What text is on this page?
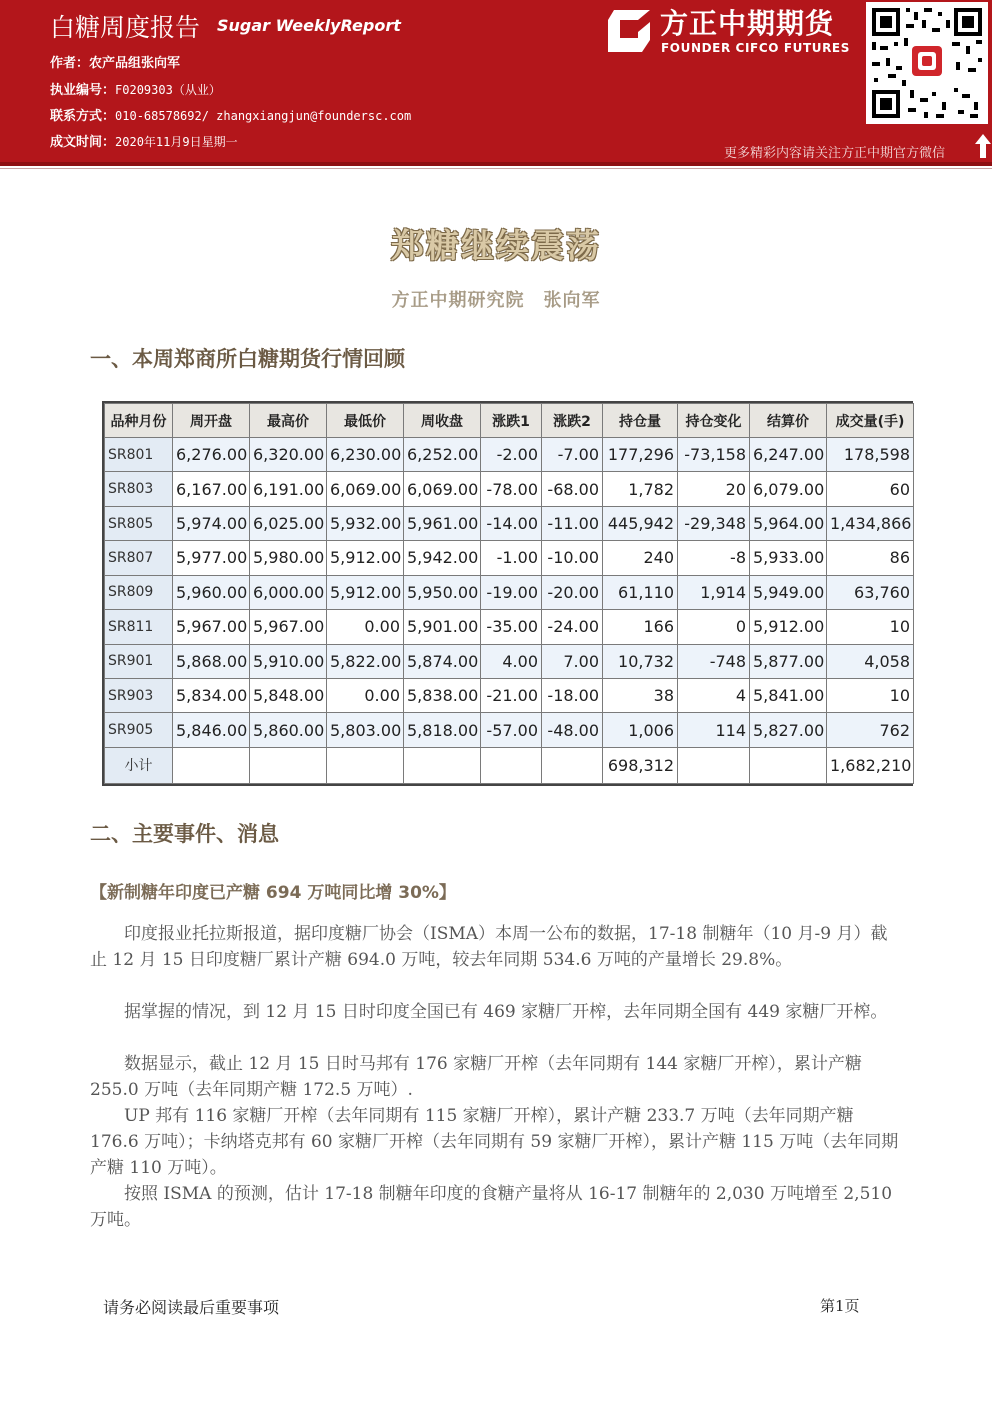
白糖周度报告 Sugar WeeklyReport
作者：农产品组张向军
执业编号：F0209303（从业）
联系方式：010-68578692/ zhangxiangjun@foundersc.com
成文时间：2020年11月9日星期一
方正中期期货
FOUNDER CIFCO FUTURES
更多精彩内容请关注方正中期官方微信
郑糖继续震荡
方正中期研究院　张向军
一、本周郑商所白糖期货行情回顾
品种月份	周开盘	最高价	最低价	周收盘	涨跌1	涨跌2	持仓量	持仓变化	结算价	成交量(手)
SR801	6,276.00	6,320.00	6,230.00	6,252.00	-2.00	-7.00	177,296	-73,158	6,247.00	178,598
SR803	6,167.00	6,191.00	6,069.00	6,069.00	-78.00	-68.00	1,782	20	6,079.00	60
SR805	5,974.00	6,025.00	5,932.00	5,961.00	-14.00	-11.00	445,942	-29,348	5,964.00	1,434,866
SR807	5,977.00	5,980.00	5,912.00	5,942.00	-1.00	-10.00	240	-8	5,933.00	86
SR809	5,960.00	6,000.00	5,912.00	5,950.00	-19.00	-20.00	61,110	1,914	5,949.00	63,760
SR811	5,967.00	5,967.00	0.00	5,901.00	-35.00	-24.00	166	0	5,912.00	10
SR901	5,868.00	5,910.00	5,822.00	5,874.00	4.00	7.00	10,732	-748	5,877.00	4,058
SR903	5,834.00	5,848.00	0.00	5,838.00	-21.00	-18.00	38	4	5,841.00	10
SR905	5,846.00	5,860.00	5,803.00	5,818.00	-57.00	-48.00	1,006	114	5,827.00	762
小计							698,312			1,682,210
二、主要事件、消息
【新制糖年印度已产糖 694 万吨同比增 30%】
　　印度报业托拉斯报道，据印度糖厂协会（ISMA）本周一公布的数据，17-18 制糖年（10 月-9 月）截止 12 月 15 日印度糖厂累计产糖 694.0 万吨，较去年同期 534.6 万吨的产量增长 29.8%。
　　据掌握的情况，到 12 月 15 日时印度全国已有 469 家糖厂开榨，去年同期全国有 449 家糖厂开榨。
　　数据显示，截止 12 月 15 日时马邦有 176 家糖厂开榨（去年同期有 144 家糖厂开榨），累计产糖 255.0 万吨（去年同期产糖 172.5 万吨）.
　　UP 邦有 116 家糖厂开榨（去年同期有 115 家糖厂开榨），累计产糖 233.7 万吨（去年同期产糖 176.6 万吨）；卡纳塔克邦有 60 家糖厂开榨（去年同期有 59 家糖厂开榨），累计产糖 115 万吨（去年同期产糖 110 万吨）。
　　按照 ISMA 的预测，估计 17-18 制糖年印度的食糖产量将从 16-17 制糖年的 2,030 万吨增至 2,510 万吨。
请务必阅读最后重要事项	第1页
